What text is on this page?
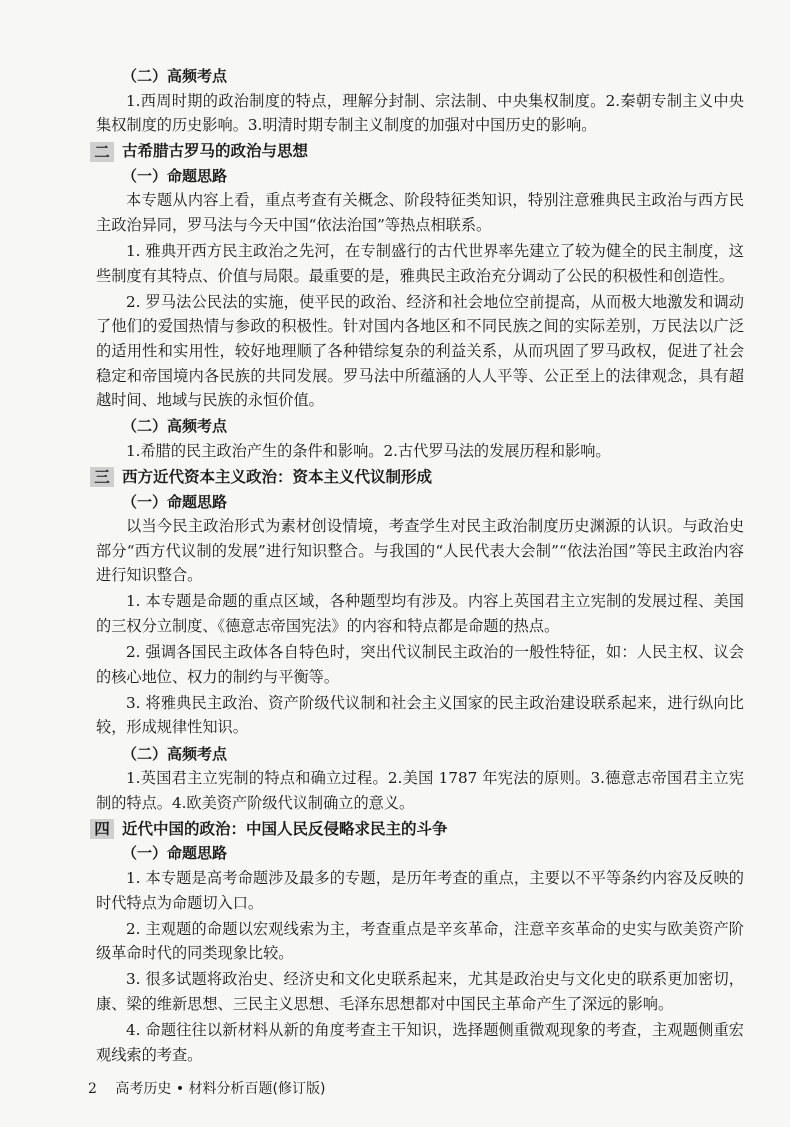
（二）高频考点

1.西周时期的政治制度的特点，理解分封制、宗法制、中央集权制度。2.秦朝专制主义中央集权制度的历史影响。3.明清时期专制主义制度的加强对中国历史的影响。

二 古希腊古罗马的政治与思想
（一）命题思路

本专题从内容上看，重点考查有关概念、阶段特征类知识，特别注意雅典民主政治与西方民主政治异同，罗马法与今天中国“依法治国”等热点相联系。

1. 雅典开西方民主政治之先河，在专制盛行的古代世界率先建立了较为健全的民主制度，这些制度有其特点、价值与局限。最重要的是，雅典民主政治充分调动了公民的积极性和创造性。

2. 罗马法公民法的实施，使平民的政治、经济和社会地位空前提高，从而极大地激发和调动了他们的爱国热情与参政的积极性。针对国内各地区和不同民族之间的实际差别，万民法以广泛的适用性和实用性，较好地理顺了各种错综复杂的利益关系，从而巩固了罗马政权，促进了社会稳定和帝国境内各民族的共同发展。罗马法中所蕴涵的人人平等、公正至上的法律观念，具有超越时间、地域与民族的永恒价值。

（二）高频考点

1.希腊的民主政治产生的条件和影响。2.古代罗马法的发展历程和影响。

三 西方近代资本主义政治：资本主义代议制形成
（一）命题思路

以当今民主政治形式为素材创设情境，考查学生对民主政治制度历史渊源的认识。与政治史部分“西方代议制的发展”进行知识整合。与我国的“人民代表大会制”“依法治国”等民主政治内容进行知识整合。

1. 本专题是命题的重点区域，各种题型均有涉及。内容上英国君主立宪制的发展过程、美国的三权分立制度、《德意志帝国宪法》的内容和特点都是命题的热点。

2. 强调各国民主政体各自特色时，突出代议制民主政治的一般性特征，如：人民主权、议会的核心地位、权力的制约与平衡等。

3. 将雅典民主政治、资产阶级代议制和社会主义国家的民主政治建设联系起来，进行纵向比较，形成规律性知识。

（二）高频考点

1.英国君主立宪制的特点和确立过程。2.美国 1787 年宪法的原则。3.德意志帝国君主立宪制的特点。4.欧美资产阶级代议制确立的意义。

四 近代中国的政治：中国人民反侵略求民主的斗争
（一）命题思路

1. 本专题是高考命题涉及最多的专题，是历年考查的重点，主要以不平等条约内容及反映的时代特点为命题切入口。

2. 主观题的命题以宏观线索为主，考查重点是辛亥革命，注意辛亥革命的史实与欧美资产阶级革命时代的同类现象比较。

3. 很多试题将政治史、经济史和文化史联系起来，尤其是政治史与文化史的联系更加密切，康、梁的维新思想、三民主义思想、毛泽东思想都对中国民主革命产生了深远的影响。

4. 命题往往以新材料从新的角度考查主干知识，选择题侧重微观现象的考查，主观题侧重宏观线索的考查。

2 高考历史 • 材料分析百题(修订版)
